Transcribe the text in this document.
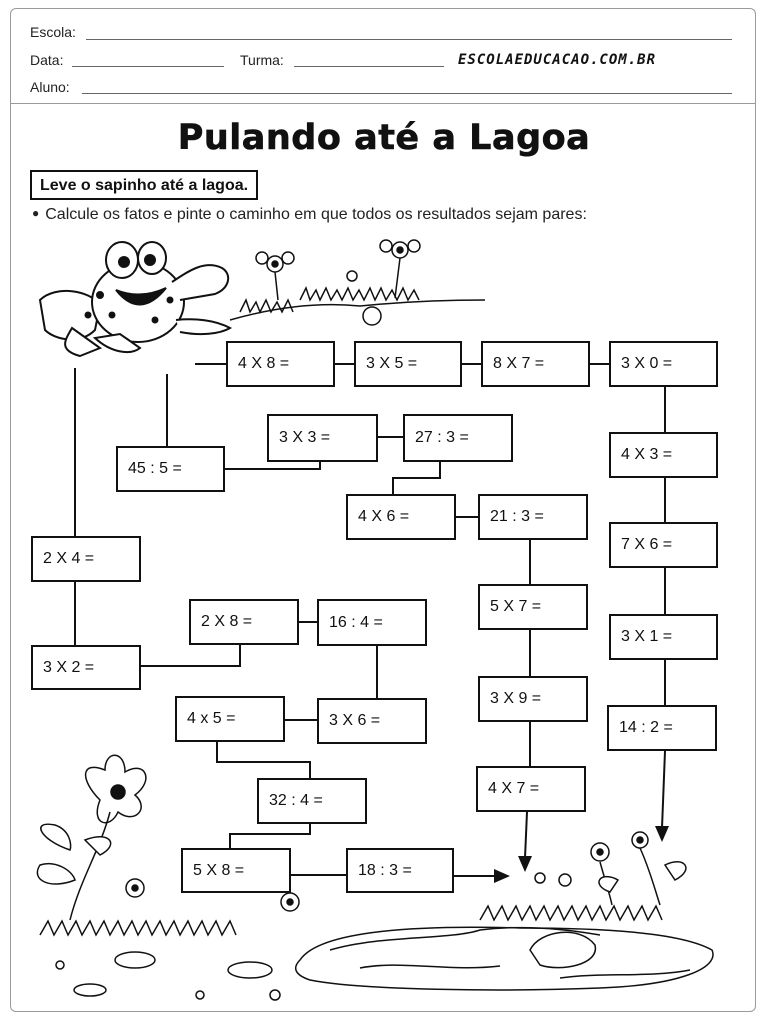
Escola:
Data:	Turma:	ESCOLAEDUCACAO.COM.BR
Aluno:
Pulando até a Lagoa
Leve o sapinho até a lagoa.
● Calcule os fatos e pinte o caminho em que todos os resultados sejam pares:
4 X 8 =	3 X 5 =	8 X 7 =	3 X 0 =
3 X 3 =	27 : 3 =
45 : 5 =
4 X 3 =
4 X 6 =	21 : 3 =
7 X 6 =
2 X 4 =
2 X 8 =	16 : 4 =
5 X 7 =
3 X 1 =
3 X 2 =
3 X 9 =
4 x 5 =	3 X 6 =	14 : 2 =
4 X 7 =
32 : 4 =
5 X 8 =	18 : 3 =
